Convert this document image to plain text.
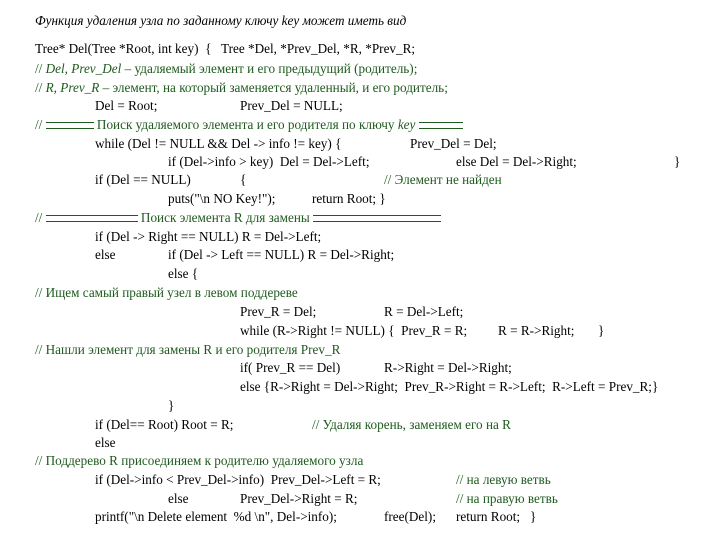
Функция удаления узла по заданному ключу key может иметь вид
Tree* Del(Tree *Root, int key)  {   Tree *Del, *Prev_Del, *R, *Prev_R;
// Del, Prev_Del – удаляемый элемент и его предыдущий (родитель);
// R, Prev_R – элемент, на который заменяется удаленный, и его родитель;
Del = Root;	Prev_Del = NULL;
//	Поиск удаляемого элемента и его родителя по ключу key
while (Del != NULL && Del -> info != key) {	Prev_Del = Del;
if (Del->info > key)  Del = Del->Left;	else Del = Del->Right;	}
if (Del == NULL)	{	// Элемент не найден
puts("\n NO Key!");	return Root; }
//	Поиск элемента R для замены
if (Del -> Right == NULL) R = Del->Left;
else	if (Del -> Left == NULL) R = Del->Right;
else {
// Ищем самый правый узел в левом поддереве
Prev_R = Del;	R = Del->Left;
while (R->Right != NULL) {  Prev_R = R; R = R->Right; }
// Нашли элемент для замены R и его родителя Prev_R
if( Prev_R == Del)	R->Right = Del->Right;
else {R->Right = Del->Right;  Prev_R->Right = R->Left;  R->Left = Prev_R;}
}
if (Del== Root) Root = R;	// Удаляя корень, заменяем его на R
else
// Поддерево R присоединяем к родителю удаляемого узла
if (Del->info < Prev_Del->info)  Prev_Del->Left = R;	// на левую ветвь
else	Prev_Del->Right = R;	// на правую ветвь
printf("\n Delete element  %d \n", Del->info);	free(Del); return Root;   }
